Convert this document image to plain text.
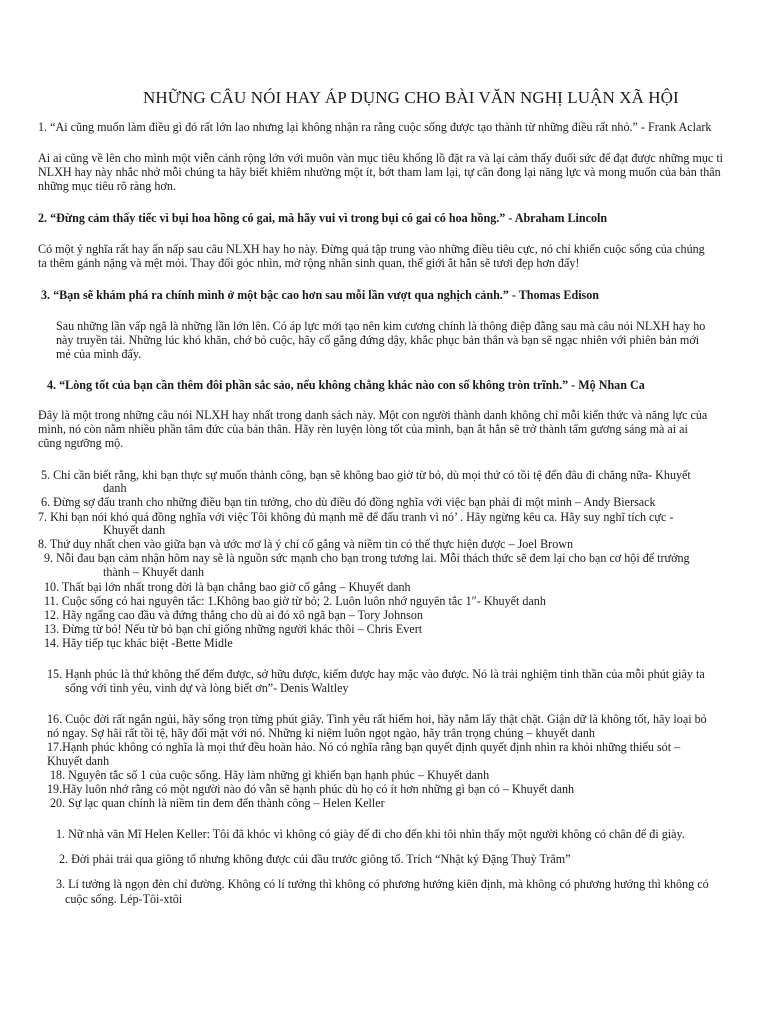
NHỮNG CÂU NÓI HAY ÁP DỤNG CHO BÀI VĂN NGHỊ LUẬN XÃ HỘI
1. “Ai cũng muốn làm điều gì đó rất lớn lao nhưng lại không nhận ra rằng cuộc sống được tạo thành từ những điều rất nhỏ.” - Frank Aclark
Ai ai cũng về lên cho mình một viễn cảnh rộng lớn với muôn vàn mục tiêu khổng lồ đặt ra và lại cảm thấy đuối sức để đạt được những mục ti
NLXH hay này nhắc nhở mỗi chúng ta hãy biết khiêm nhường một ít, bớt tham lam lại, tự cân đong lại năng lực và mong muốn của bản thân
những mục tiêu rõ ràng hơn.
2. “Đừng cảm thấy tiếc vì bụi hoa hồng có gai, mà hãy vui vì trong bụi có gai có hoa hồng.” - Abraham Lincoln
Có một ý nghĩa rất hay ẩn nấp sau câu NLXH hay ho này. Đừng quá tập trung vào những điều tiêu cực, nó chỉ khiến cuộc sống của chúng
ta thêm gánh nặng và mệt mỏi. Thay đổi góc nhìn, mở rộng nhân sinh quan, thế giới ắt hẳn sẽ tươi đẹp hơn đấy!
3. “Bạn sẽ khám phá ra chính mình ở một bậc cao hơn sau mỗi lần vượt qua nghịch cảnh.” - Thomas Edison
Sau những lần vấp ngã là những lần lớn lên. Có áp lực mới tạo nên kim cương chính là thông điệp đằng sau mà câu nói NLXH hay ho
này truyền tải. Những lúc khó khăn, chớ bỏ cuộc, hãy cố gắng đứng dậy, khắc phục bản thân và bạn sẽ ngạc nhiên với phiên bản mới
mẻ của mình đấy.
4. “Lòng tốt của bạn cần thêm đôi phần sắc sảo, nếu không chẳng khác nào con số không tròn trĩnh.” - Mộ Nhan Ca
Đây là một trong những câu nói NLXH hay nhất trong danh sách này. Một con người thành danh không chỉ mỗi kiến thức và năng lực của
mình, nó còn nằm nhiều phần tâm đức của bản thân. Hãy rèn luyện lòng tốt của mình, bạn ắt hẳn sẽ trở thành tấm gương sáng mà ai ai
cũng ngưỡng mộ.
5. Chỉ cần biết rằng, khi bạn thực sự muốn thành công, bạn sẽ không bao giờ từ bỏ, dù mọi thứ có tồi tệ đến đâu đi chăng nữa- Khuyết
danh
6. Đừng sợ đấu tranh cho những điều bạn tin tưởng, cho dù điều đó đồng nghĩa với việc bạn phải đi một mình – Andy Biersack
7. Khi bạn nói khó quá đồng nghĩa với việc Tôi không đủ mạnh mẽ để đấu tranh vì nó’ . Hãy ngừng kêu ca. Hãy suy nghĩ tích cực -
Khuyết danh
8. Thứ duy nhất chen vào giữa bạn và ước mơ là ý chí cố gắng và niềm tin có thể thực hiện được – Joel Brown
9. Nỗi đau bạn cảm nhận hôm nay sẽ là nguồn sức mạnh cho bạn trong tương lai. Mỗi thách thức sẽ đem lại cho bạn cơ hội để trưởng
thành – Khuyết danh
10. Thất bại lớn nhất trong đời là bạn chẳng bao giờ cố gắng – Khuyết danh
11. Cuộc sống có hai nguyên tắc: 1.Không bao giờ từ bỏ; 2. Luôn luôn nhớ nguyên tắc 1″- Khuyết danh
12. Hãy ngẩng cao đầu và đứng thẳng cho dù ai đó xô ngã bạn – Tory Johnson
13. Đừng từ bỏ! Nếu từ bỏ bạn chỉ giống những người khác thôi – Chris Evert
14. Hãy tiếp tục khác biệt -Bette Midle
15. Hạnh phúc là thứ không thể đếm được, sở hữu được, kiếm được hay mặc vào được. Nó là trải nghiệm tinh thần của mỗi phút giây ta
sống với tình yêu, vinh dự và lòng biết ơn”- Denis Waltley
16. Cuộc đời rất ngắn ngủi, hãy sống trọn từng phút giây. Tình yêu rất hiếm hoi, hãy nắm lấy thật chặt. Giận dữ là không tốt, hãy loại bỏ
nó ngay. Sợ hãi rất tồi tệ, hãy đối mặt với nó. Những kỉ niệm luôn ngọt ngào, hãy trân trọng chúng – khuyết danh
17.Hạnh phúc không có nghĩa là mọi thứ đều hoàn hảo. Nó có nghĩa rằng bạn quyết định quyết định nhìn ra khỏi những thiếu sót –
Khuyết danh
18. Nguyên tắc số 1 của cuộc sống. Hãy làm những gì khiến bạn hạnh phúc – Khuyết danh
19.Hãy luôn nhớ rằng có một người nào đó vẫn sẽ hạnh phúc dù họ có ít hơn những gì bạn có – Khuyết danh
20. Sự lạc quan chính là niềm tin đem đến thành công – Helen Keller
1. Nữ nhà văn Mĩ Helen Keller: Tôi đã khóc vì không có giày để đi cho đến khi tôi nhìn thấy một người không có chân để đi giày.
2. Đời phải trải qua giông tố nhưng không được cúi đầu trước giông tố. Trích “Nhật ký Đặng Thuỳ Trâm”
3. Lí tưởng là ngọn đèn chỉ đường. Không có lí tưởng thì không có phương hướng kiên định, mà không có phương hướng thì không có
cuộc sống. Lép-Tôi-xtôi
